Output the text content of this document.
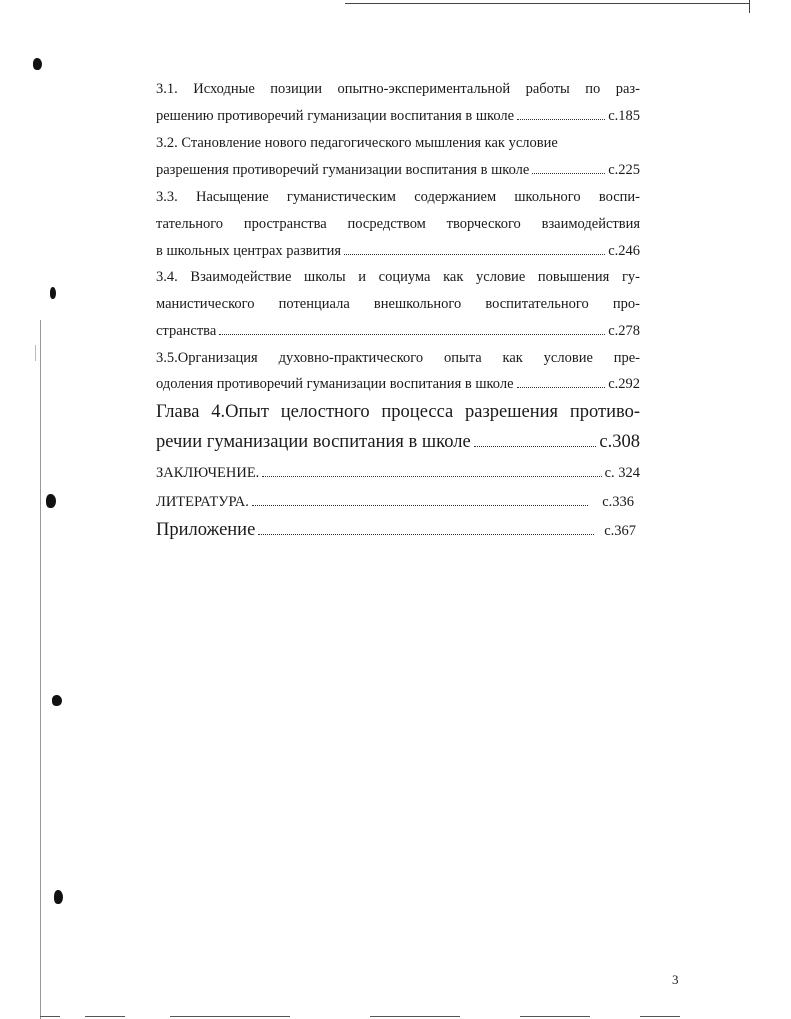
3.1. Исходные позиции опытно-экспериментальной работы по раз-
решению противоречий гуманизации воспитания в школе	с.185
3.2. Становление нового педагогического мышления как условие
разрешения противоречий гуманизации воспитания в школе	с.225
3.3. Насыщение гуманистическим содержанием школьного воспи-
тательного пространства посредством творческого взаимодействия
в школьных центрах развития	с.246
3.4. Взаимодействие школы и социума как условие повышения гу-
манистического потенциала внешкольного воспитательного про-
странства	с.278
3.5.Организация духовно-практического опыта как условие пре-
одоления противоречий гуманизации воспитания в школе	с.292
Глава 4.Опыт целостного процесса разрешения противо-
речии гуманизации воспитания в школе	с.308
ЗАКЛЮЧЕНИЕ.	с. 324
ЛИТЕРАТУРА.	с.336
Приложение	с.367
3
